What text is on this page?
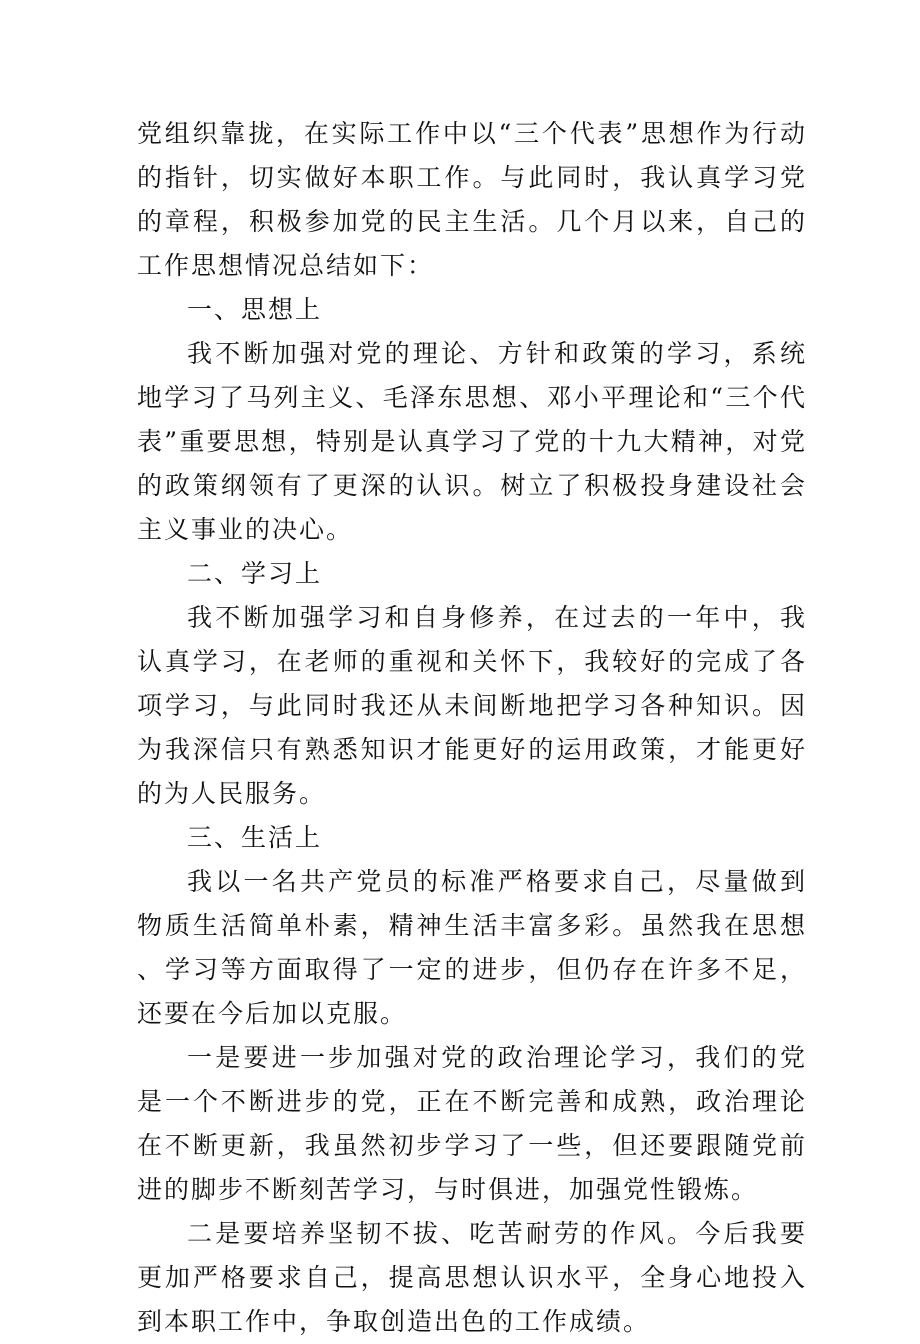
党组织靠拢，在实际工作中以“三个代表”思想作为行动的指针，切实做好本职工作。与此同时，我认真学习党的章程，积极参加党的民主生活。几个月以来，自己的工作思想情况总结如下：

一、思想上

我不断加强对党的理论、方针和政策的学习，系统地学习了马列主义、毛泽东思想、邓小平理论和“三个代表”重要思想，特别是认真学习了党的十九大精神，对党的政策纲领有了更深的认识。树立了积极投身建设社会主义事业的决心。

二、学习上

我不断加强学习和自身修养，在过去的一年中，我认真学习，在老师的重视和关怀下，我较好的完成了各项学习，与此同时我还从未间断地把学习各种知识。因为我深信只有熟悉知识才能更好的运用政策，才能更好的为人民服务。

三、生活上

我以一名共产党员的标准严格要求自己，尽量做到物质生活简单朴素，精神生活丰富多彩。虽然我在思想、学习等方面取得了一定的进步，但仍存在许多不足，还要在今后加以克服。

一是要进一步加强对党的政治理论学习，我们的党是一个不断进步的党，正在不断完善和成熟，政治理论在不断更新，我虽然初步学习了一些，但还要跟随党前进的脚步不断刻苦学习，与时俱进，加强党性锻炼。

二是要培养坚韧不拔、吃苦耐劳的作风。今后我要更加严格要求自己，提高思想认识水平，全身心地投入到本职工作中，争取创造出色的工作成绩。
